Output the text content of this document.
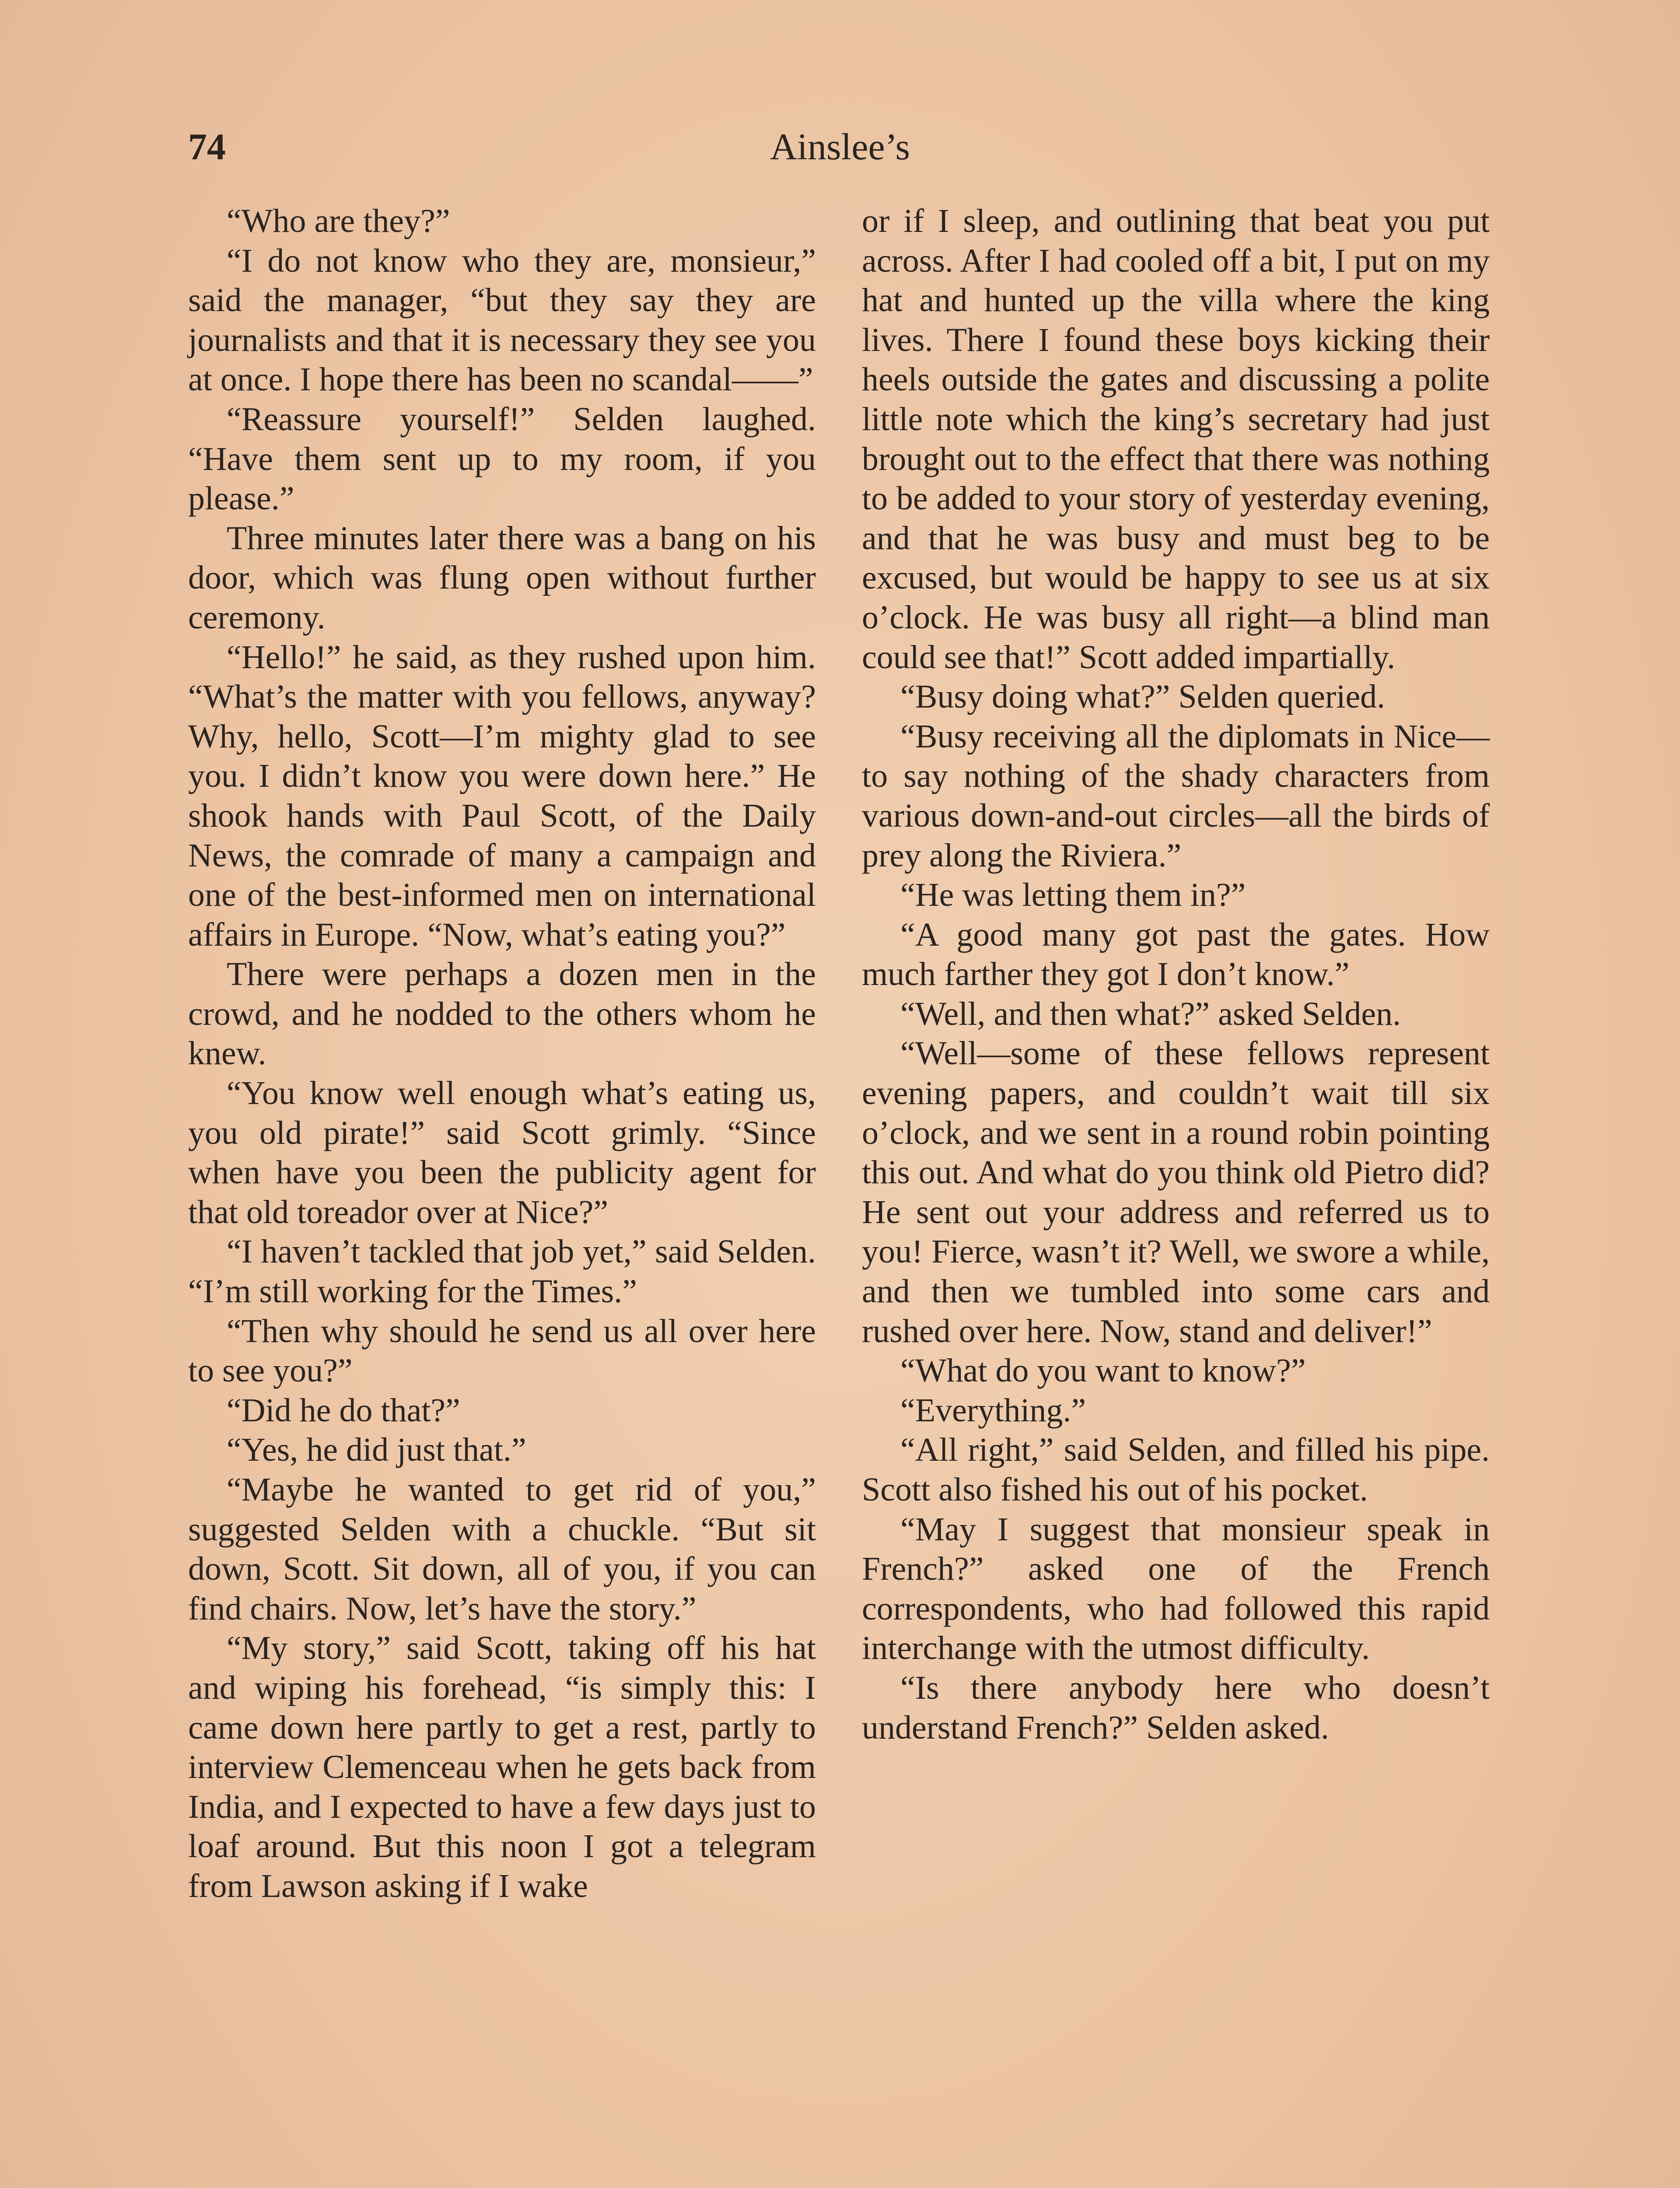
74	Ainslee’s

“Who are they?”

“I do not know who they are, monsieur,” said the manager, “but they say they are journalists and that it is necessary they see you at once. I hope there has been no scandal——”

“Reassure yourself!” Selden laughed. “Have them sent up to my room, if you please.”

Three minutes later there was a bang on his door, which was flung open without further ceremony.

“Hello!” he said, as they rushed upon him. “What’s the matter with you fellows, anyway? Why, hello, Scott—I’m mighty glad to see you. I didn’t know you were down here.” He shook hands with Paul Scott, of the Daily News, the comrade of many a campaign and one of the best-informed men on international affairs in Europe. “Now, what’s eating you?”

There were perhaps a dozen men in the crowd, and he nodded to the others whom he knew.

“You know well enough what’s eating us, you old pirate!” said Scott grimly. “Since when have you been the publicity agent for that old toreador over at Nice?”

“I haven’t tackled that job yet,” said Selden. “I’m still working for the Times.”

“Then why should he send us all over here to see you?”

“Did he do that?”

“Yes, he did just that.”

“Maybe he wanted to get rid of you,” suggested Selden with a chuckle. “But sit down, Scott. Sit down, all of you, if you can find chairs. Now, let’s have the story.”

“My story,” said Scott, taking off his hat and wiping his forehead, “is simply this: I came down here partly to get a rest, partly to interview Clemenceau when he gets back from India, and I expected to have a few days just to loaf around. But this noon I got a telegram from Lawson asking if I wake

or if I sleep, and outlining that beat you put across. After I had cooled off a bit, I put on my hat and hunted up the villa where the king lives. There I found these boys kicking their heels outside the gates and discussing a polite little note which the king’s secretary had just brought out to the effect that there was nothing to be added to your story of yesterday evening, and that he was busy and must beg to be excused, but would be happy to see us at six o’clock. He was busy all right—a blind man could see that!” Scott added impartially.

“Busy doing what?” Selden queried.

“Busy receiving all the diplomats in Nice—to say nothing of the shady characters from various down-and-out circles—all the birds of prey along the Riviera.”

“He was letting them in?”

“A good many got past the gates. How much farther they got I don’t know.”

“Well, and then what?” asked Selden.

“Well—some of these fellows represent evening papers, and couldn’t wait till six o’clock, and we sent in a round robin pointing this out. And what do you think old Pietro did? He sent out your address and referred us to you! Fierce, wasn’t it? Well, we swore a while, and then we tumbled into some cars and rushed over here. Now, stand and deliver!”

“What do you want to know?”

“Everything.”

“All right,” said Selden, and filled his pipe. Scott also fished his out of his pocket.

“May I suggest that monsieur speak in French?” asked one of the French correspondents, who had followed this rapid interchange with the utmost difficulty.

“Is there anybody here who doesn’t understand French?” Selden asked.
